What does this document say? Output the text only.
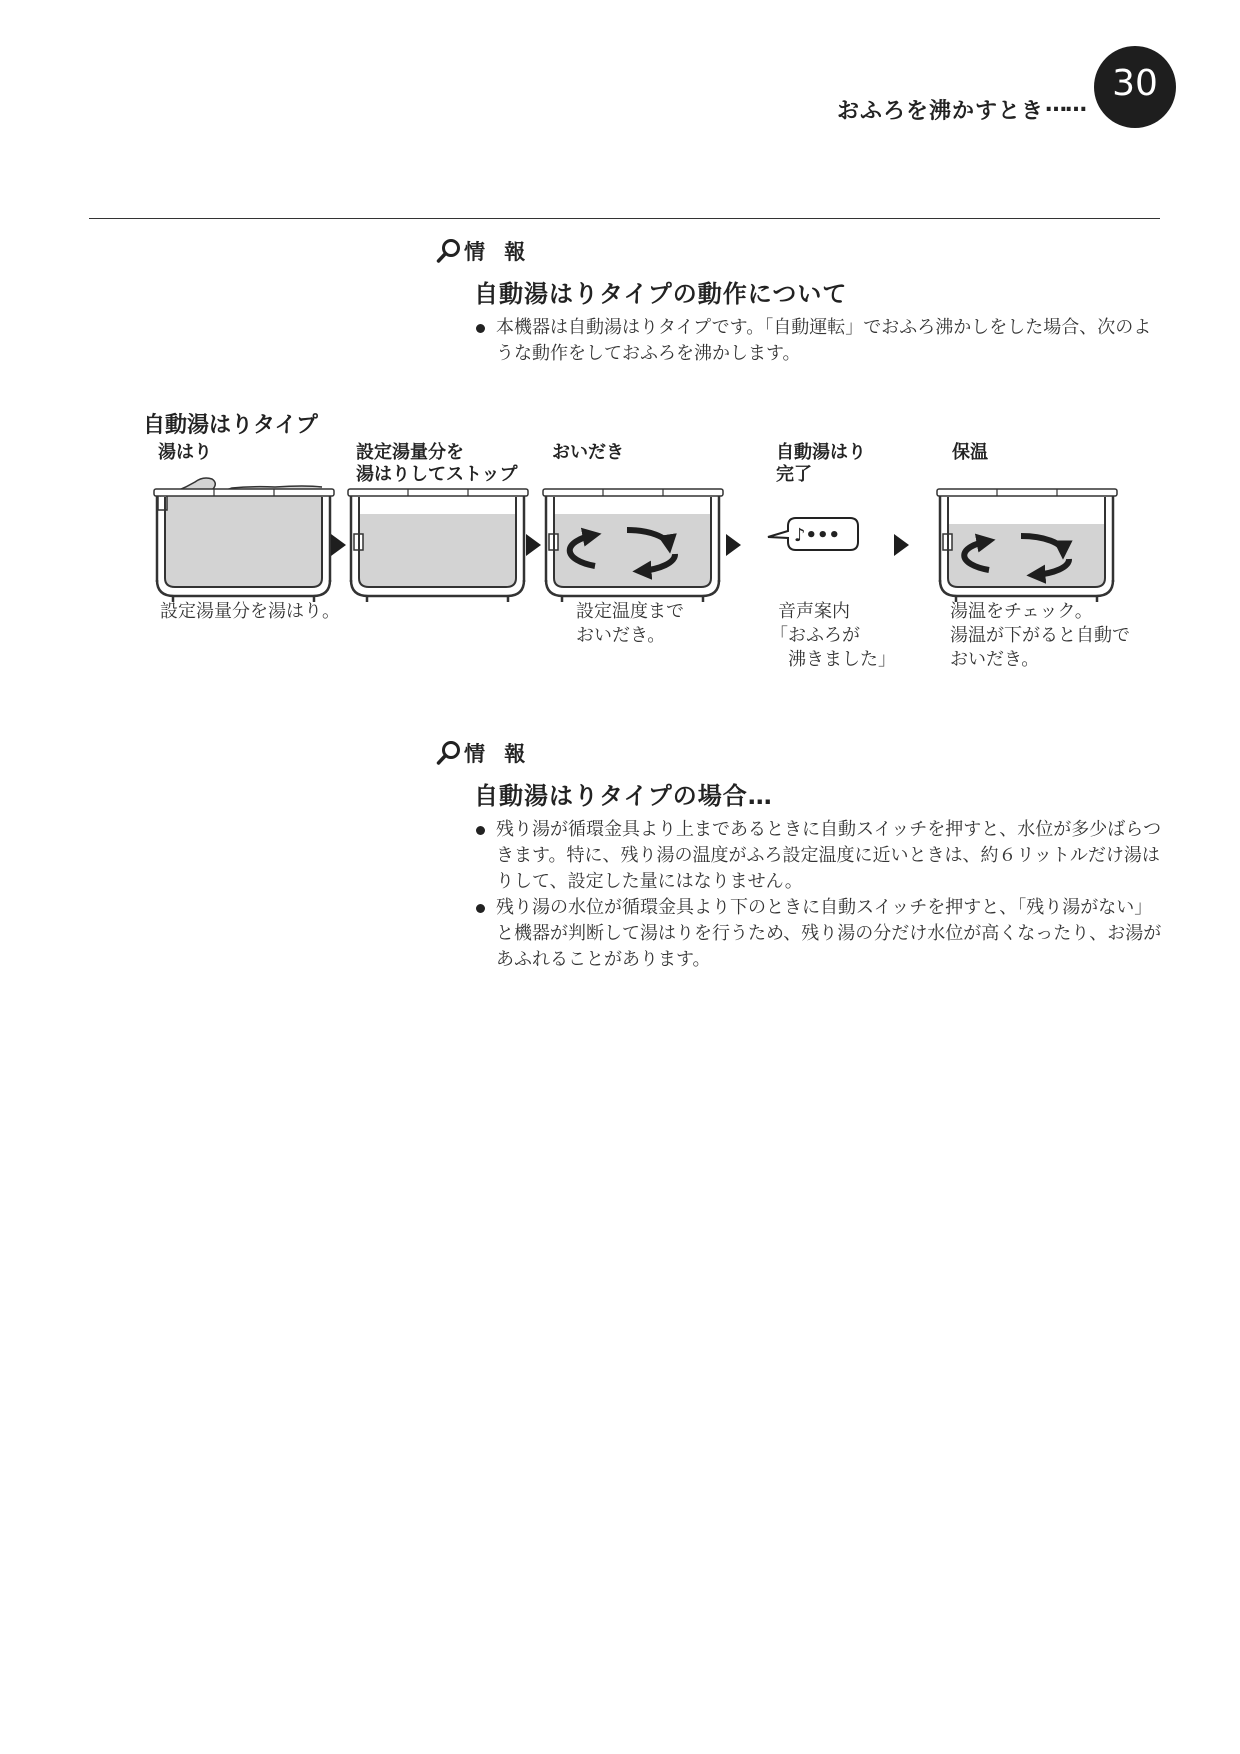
おふろを沸かすとき ……
30
情 報
自動湯はりタイプの動作について
本機器は自動湯はりタイプです。「自動運転」でおふろ沸かしをした場合、次のような動作をしておふろを沸かします。
自動湯はりタイプ
湯はり	設定湯量分を
湯はりしてストップ
おいだき	自動湯はり
完了
保温
♪•••
設定湯量分を湯はり。	設定温度まで
おいだき。
音声案内
「おふろが
沸きました」
湯温をチェック。
湯温が下がると自動で
おいだき。
情 報
自動湯はりタイプの場合…
残り湯が循環金具より上まであるときに自動スイッチを押すと、水位が多少ばらつきます。特に、残り湯の温度がふろ設定温度に近いときは、約６リットルだけ湯はりして、設定した量にはなりません。
残り湯の水位が循環金具より下のときに自動スイッチを押すと、「残り湯がない」と機器が判断して湯はりを行うため、残り湯の分だけ水位が高くなったり、お湯があふれることがあります。
